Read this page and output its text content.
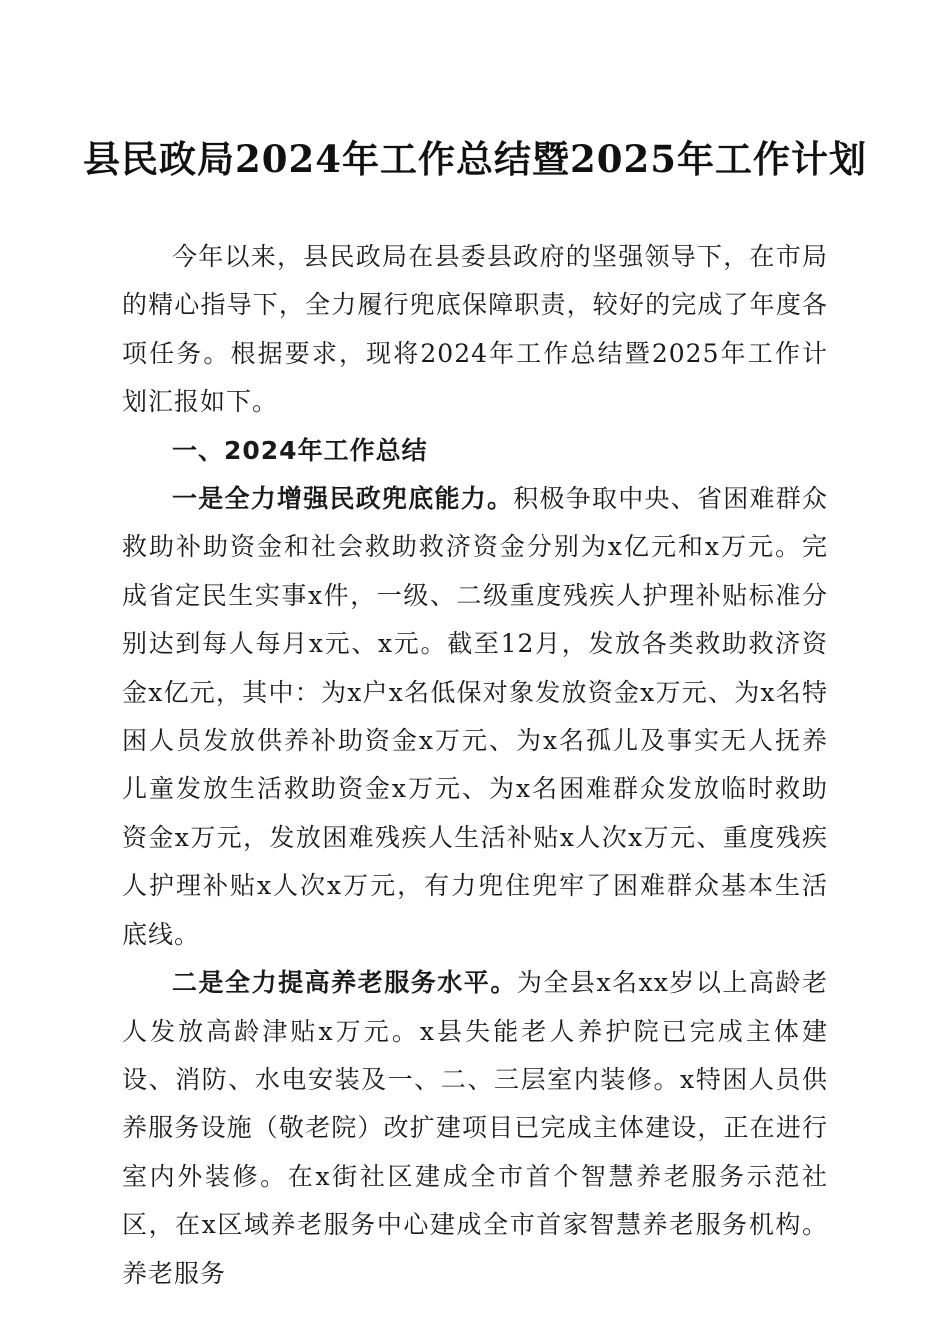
县民政局2024年工作总结暨2025年工作计划

今年以来，县民政局在县委县政府的坚强领导下，在市局的精心指导下，全力履行兜底保障职责，较好的完成了年度各项任务。根据要求，现将2024年工作总结暨2025年工作计划汇报如下。

一、2024年工作总结

一是全力增强民政兜底能力。积极争取中央、省困难群众救助补助资金和社会救助救济资金分别为x亿元和x万元。完成省定民生实事x件，一级、二级重度残疾人护理补贴标准分别达到每人每月x元、x元。截至12月，发放各类救助救济资金x亿元，其中：为x户x名低保对象发放资金x万元、为x名特困人员发放供养补助资金x万元、为x名孤儿及事实无人抚养儿童发放生活救助资金x万元、为x名困难群众发放临时救助资金x万元，发放困难残疾人生活补贴x人次x万元、重度残疾人护理补贴x人次x万元，有力兜住兜牢了困难群众基本生活底线。

二是全力提高养老服务水平。为全县x名xx岁以上高龄老人发放高龄津贴x万元。x县失能老人养护院已完成主体建设、消防、水电安装及一、二、三层室内装修。x特困人员供养服务设施（敬老院）改扩建项目已完成主体建设，正在进行室内外装修。在x街社区建成全市首个智慧养老服务示范社区，在x区域养老服务中心建成全市首家智慧养老服务机构。养老服务
